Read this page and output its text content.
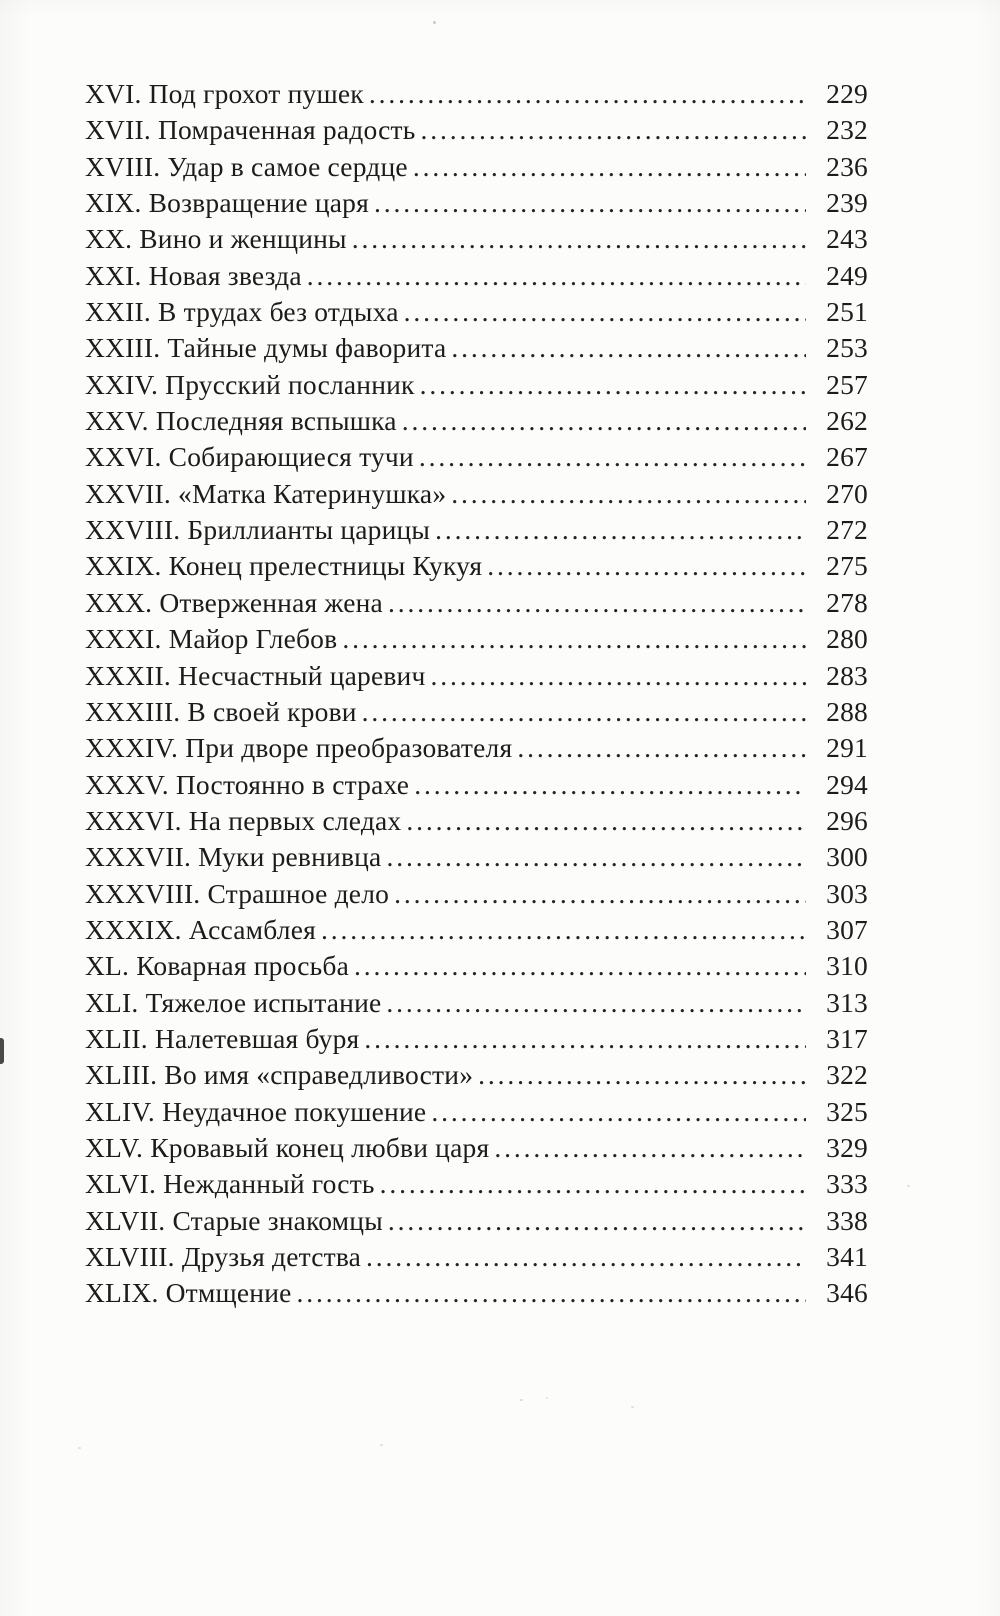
XVI. Под грохот пушек . . .	229
XVII. Помраченная радость . . .	232
XVIII. Удар в самое сердце . . .	236
XIX. Возвращение царя . . .	239
XX. Вино и женщины . . .	243
XXI. Новая звезда . . .	249
XXII. В трудах без отдыха . . .	251
XXIII. Тайные думы фаворита . . .	253
XXIV. Прусский посланник . . .	257
XXV. Последняя вспышка . . .	262
XXVI. Собирающиеся тучи . . .	267
XXVII. «Матка Катеринушка» . . .	270
XXVIII. Бриллианты царицы . . .	272
XXIX. Конец прелестницы Кукуя . . .	275
XXX. Отверженная жена . . .	278
XXXI. Майор Глебов . . .	280
XXXII. Несчастный царевич . . .	283
XXXIII. В своей крови . . .	288
XXXIV. При дворе преобразователя . . .	291
XXXV. Постоянно в страхе . . .	294
XXXVI. На первых следах . . .	296
XXXVII. Муки ревнивца . . .	300
XXXVIII. Страшное дело . . .	303
XXXIX. Ассамблея . . .	307
XL. Коварная просьба . . .	310
XLI. Тяжелое испытание . . .	313
XLII. Налетевшая буря . . .	317
XLIII. Во имя «справедливости» . . .	322
XLIV. Неудачное покушение . . .	325
XLV. Кровавый конец любви царя . . .	329
XLVI. Нежданный гость . . .	333
XLVII. Старые знакомцы . . .	338
XLVIII. Друзья детства . . .	341
XLIX. Отмщение . . .	346
